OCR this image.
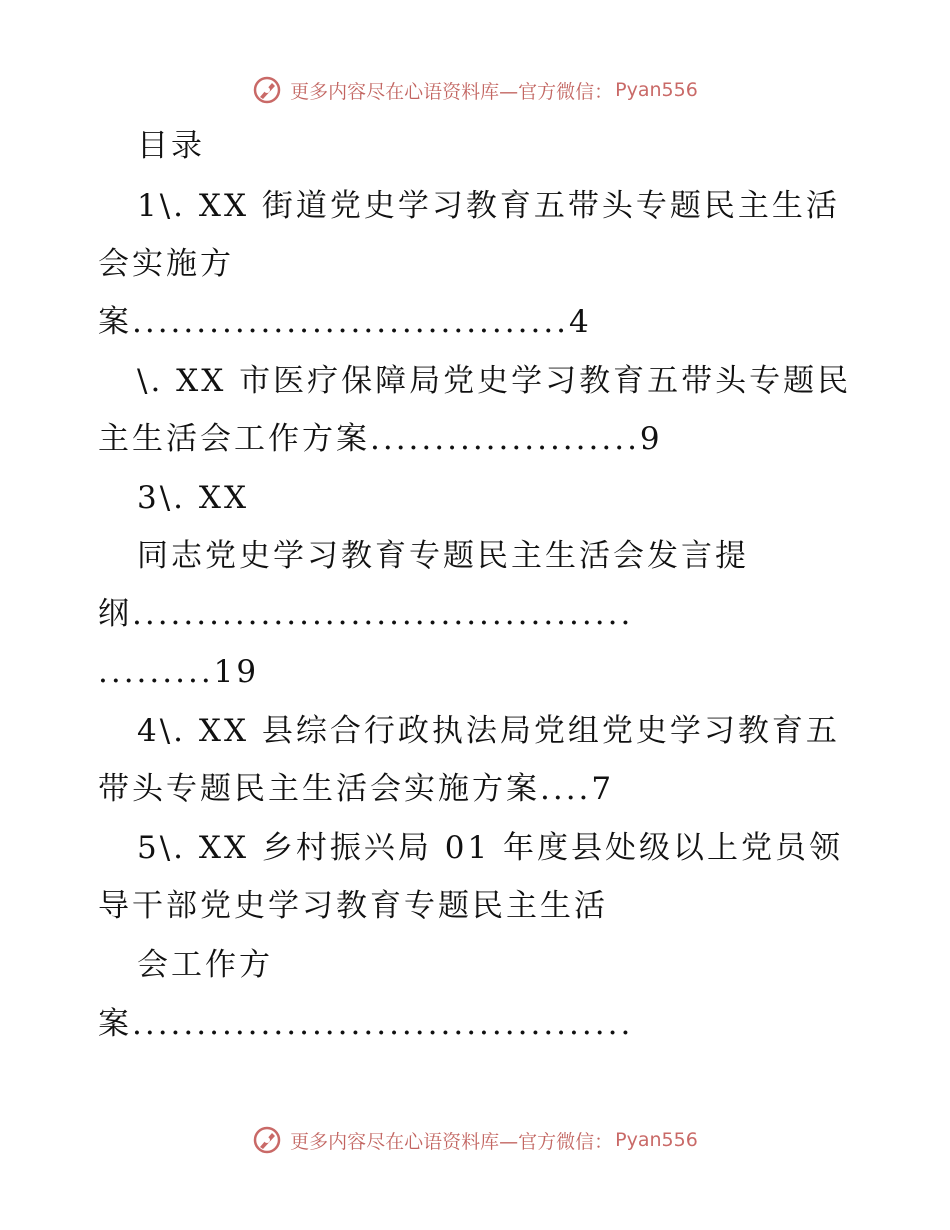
更多内容尽在心语资料库—官方微信： Pyan556
目录
1\. XX 街道党史学习教育五带头专题民主生活
会实施方
案..................................4
\. XX 市医疗保障局党史学习教育五带头专题民
主生活会工作方案.....................9
3\. XX
同志党史学习教育专题民主生活会发言提
纲.......................................
.........19
4\. XX 县综合行政执法局党组党史学习教育五
带头专题民主生活会实施方案....7
5\. XX 乡村振兴局 01 年度县处级以上党员领
导干部党史学习教育专题民主生活
会工作方
案.......................................
更多内容尽在心语资料库—官方微信： Pyan556
